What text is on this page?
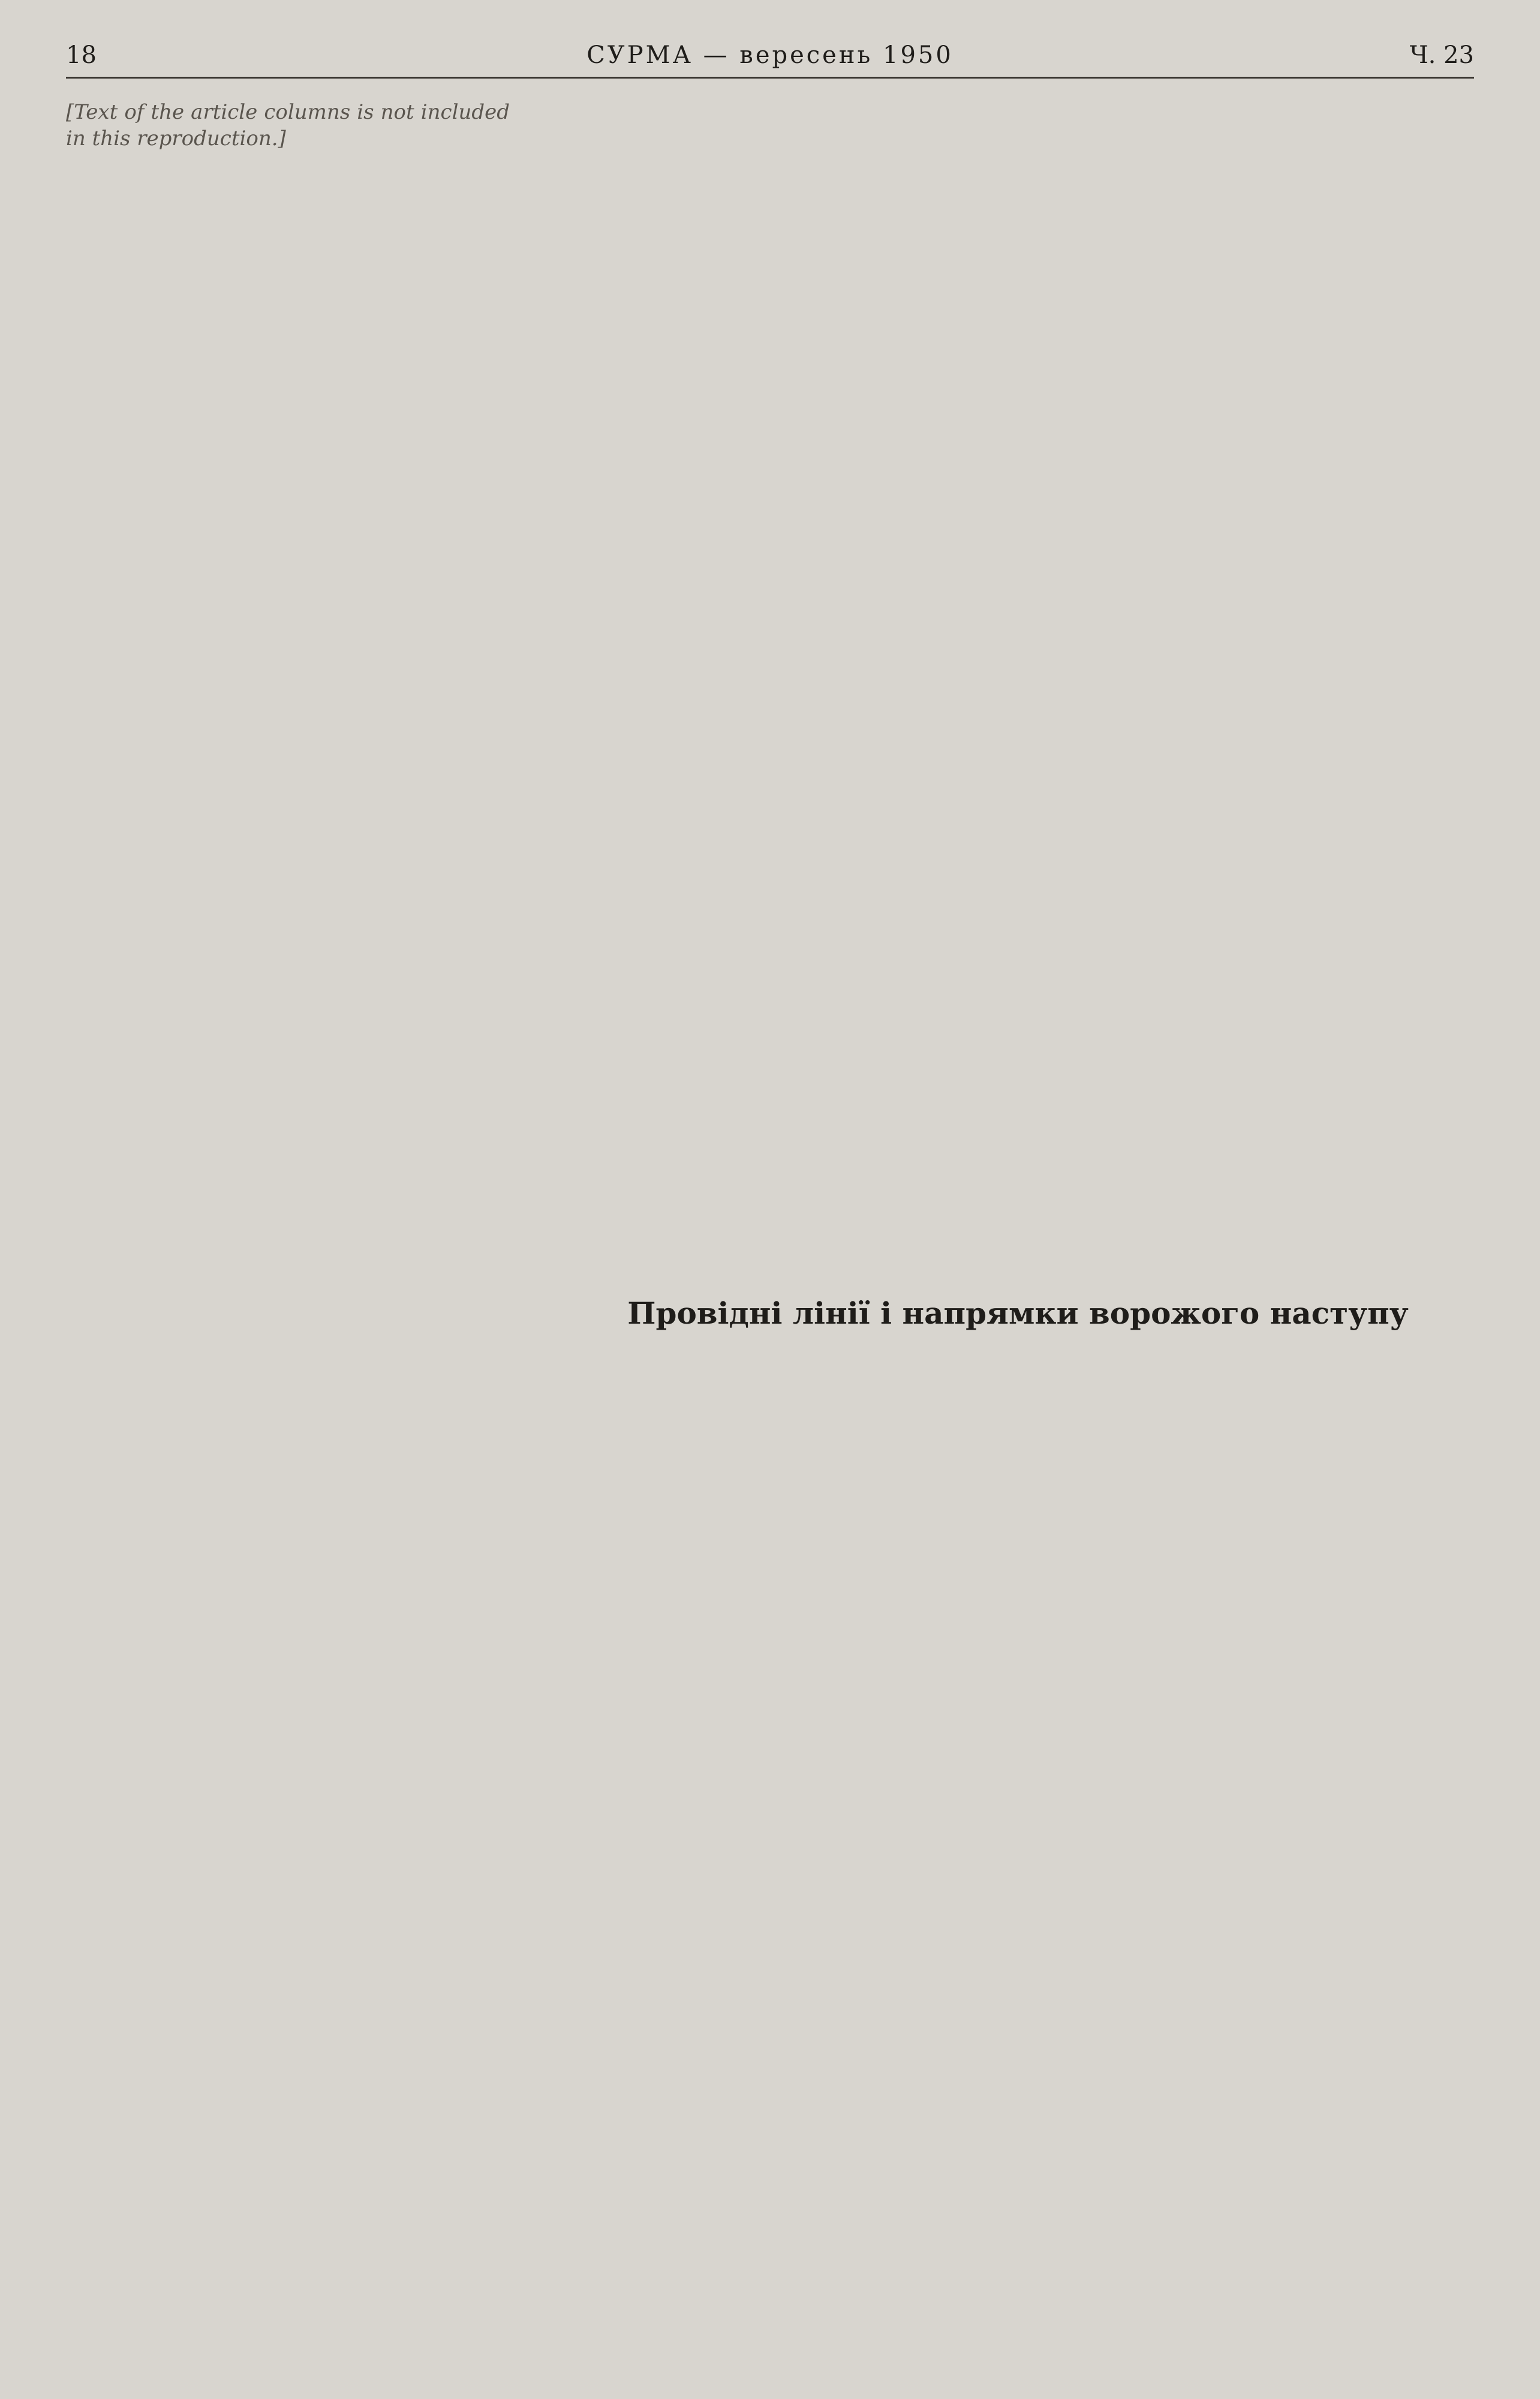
18	СУРМА — вересень 1950	Ч. 23

[Text of the article columns is not included in this reproduction.]

Провідні лінії і напрямки ворожого наступу
